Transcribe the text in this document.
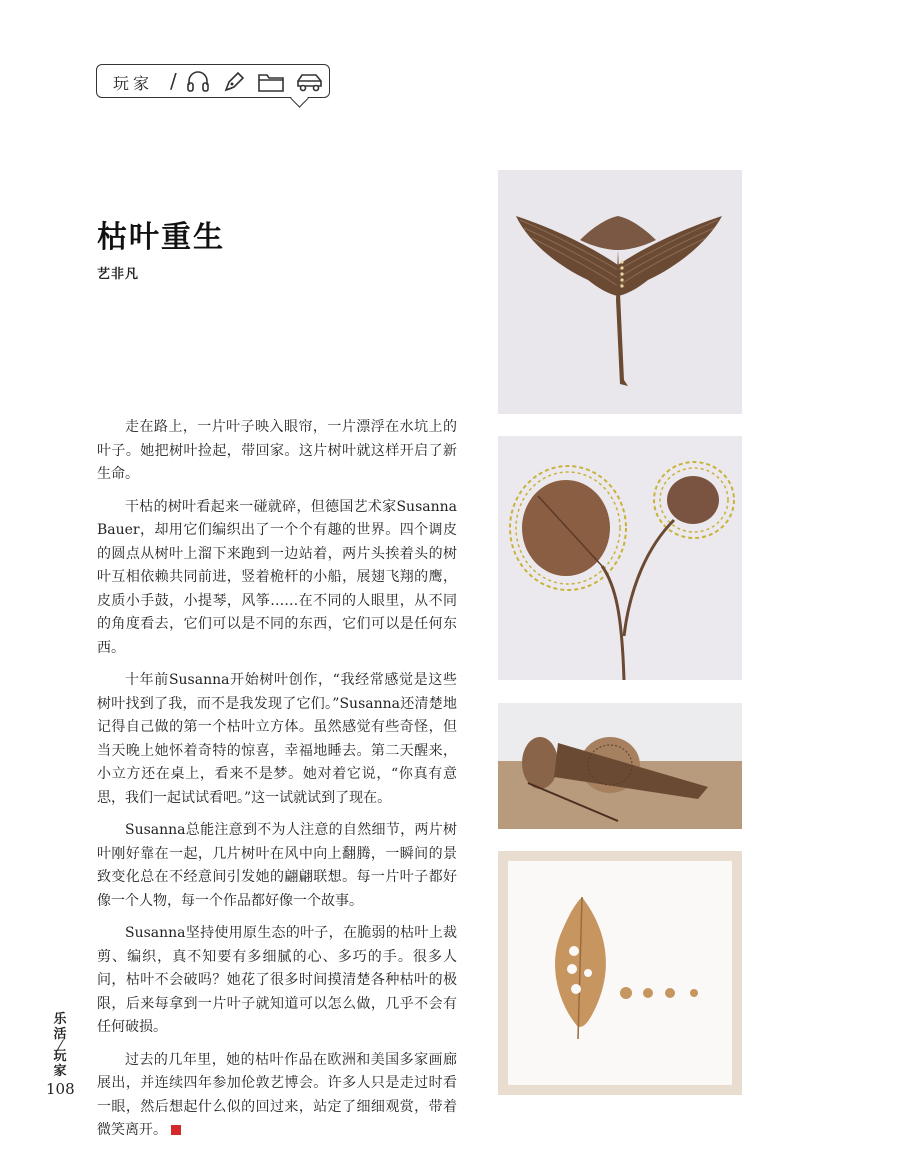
玩家 /
枯叶重生
艺非凡

走在路上，一片叶子映入眼帘，一片漂浮在水坑上的叶子。她把树叶捡起，带回家。这片树叶就这样开启了新生命。

干枯的树叶看起来一碰就碎，但德国艺术家Susanna Bauer，却用它们编织出了一个个有趣的世界。四个调皮的圆点从树叶上溜下来跑到一边站着，两片头挨着头的树叶互相依赖共同前进，竖着桅杆的小船，展翅飞翔的鹰，皮质小手鼓，小提琴，风筝……在不同的人眼里，从不同的角度看去，它们可以是不同的东西，它们可以是任何东西。

十年前Susanna开始树叶创作，“我经常感觉是这些树叶找到了我，而不是我发现了它们。”Susanna还清楚地记得自己做的第一个枯叶立方体。虽然感觉有些奇怪，但当天晚上她怀着奇特的惊喜，幸福地睡去。第二天醒来，小立方还在桌上，看来不是梦。她对着它说，“你真有意思，我们一起试试看吧。”这一试就试到了现在。

Susanna总能注意到不为人注意的自然细节，两片树叶刚好靠在一起，几片树叶在风中向上翻腾，一瞬间的景致变化总在不经意间引发她的翩翩联想。每一片叶子都好像一个人物，每一个作品都好像一个故事。

Susanna坚持使用原生态的叶子，在脆弱的枯叶上裁剪、编织，真不知要有多细腻的心、多巧的手。很多人问，枯叶不会破吗？她花了很多时间摸清楚各种枯叶的极限，后来每拿到一片叶子就知道可以怎么做，几乎不会有任何破损。

过去的几年里，她的枯叶作品在欧洲和美国多家画廊展出，并连续四年参加伦敦艺博会。许多人只是走过时看一眼，然后想起什么似的回过来，站定了细细观赏，带着微笑离开。

乐活
玩家
108
